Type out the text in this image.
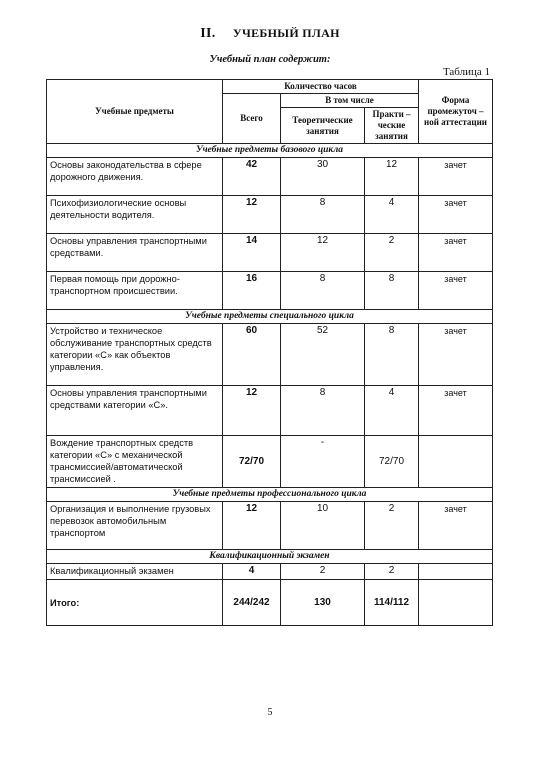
II. УЧЕБНЫЙ ПЛАН
Учебный план содержит:
Таблица 1
Учебные предметы	Количество часов			Форма промежуточ – ной аттестации
	Всего	В том числе		
		Теоретические занятия	Практи – ческие занятия	
Учебные предметы базового цикла				
Основы законодательства в сфере дорожного движения.	42	30	12	зачет
Психофизиологические основы деятельности водителя.	12	8	4	зачет
Основы управления транспортными средствами.	14	12	2	зачет
Первая помощь при дорожно-транспортном происшествии.	16	8	8	зачет
Учебные предметы специального цикла				
Устройство и техническое обслуживание транспортных средств категории «С» как объектов управления.	60	52	8	зачет
Основы управления транспортными средствами категории «С».	12	8	4	зачет
Вождение транспортных средств категории «С» с механической трансмиссией/автоматической трансмиссией .	72/70	-	72/70	
Учебные предметы профессионального цикла				
Организация и выполнение грузовых перевозок автомобильным транспортом	12	10	2	зачет
Квалификационный экзамен				
Квалификационный экзамен	4	2	2	
Итого:	244/242	130	114/112	
5
